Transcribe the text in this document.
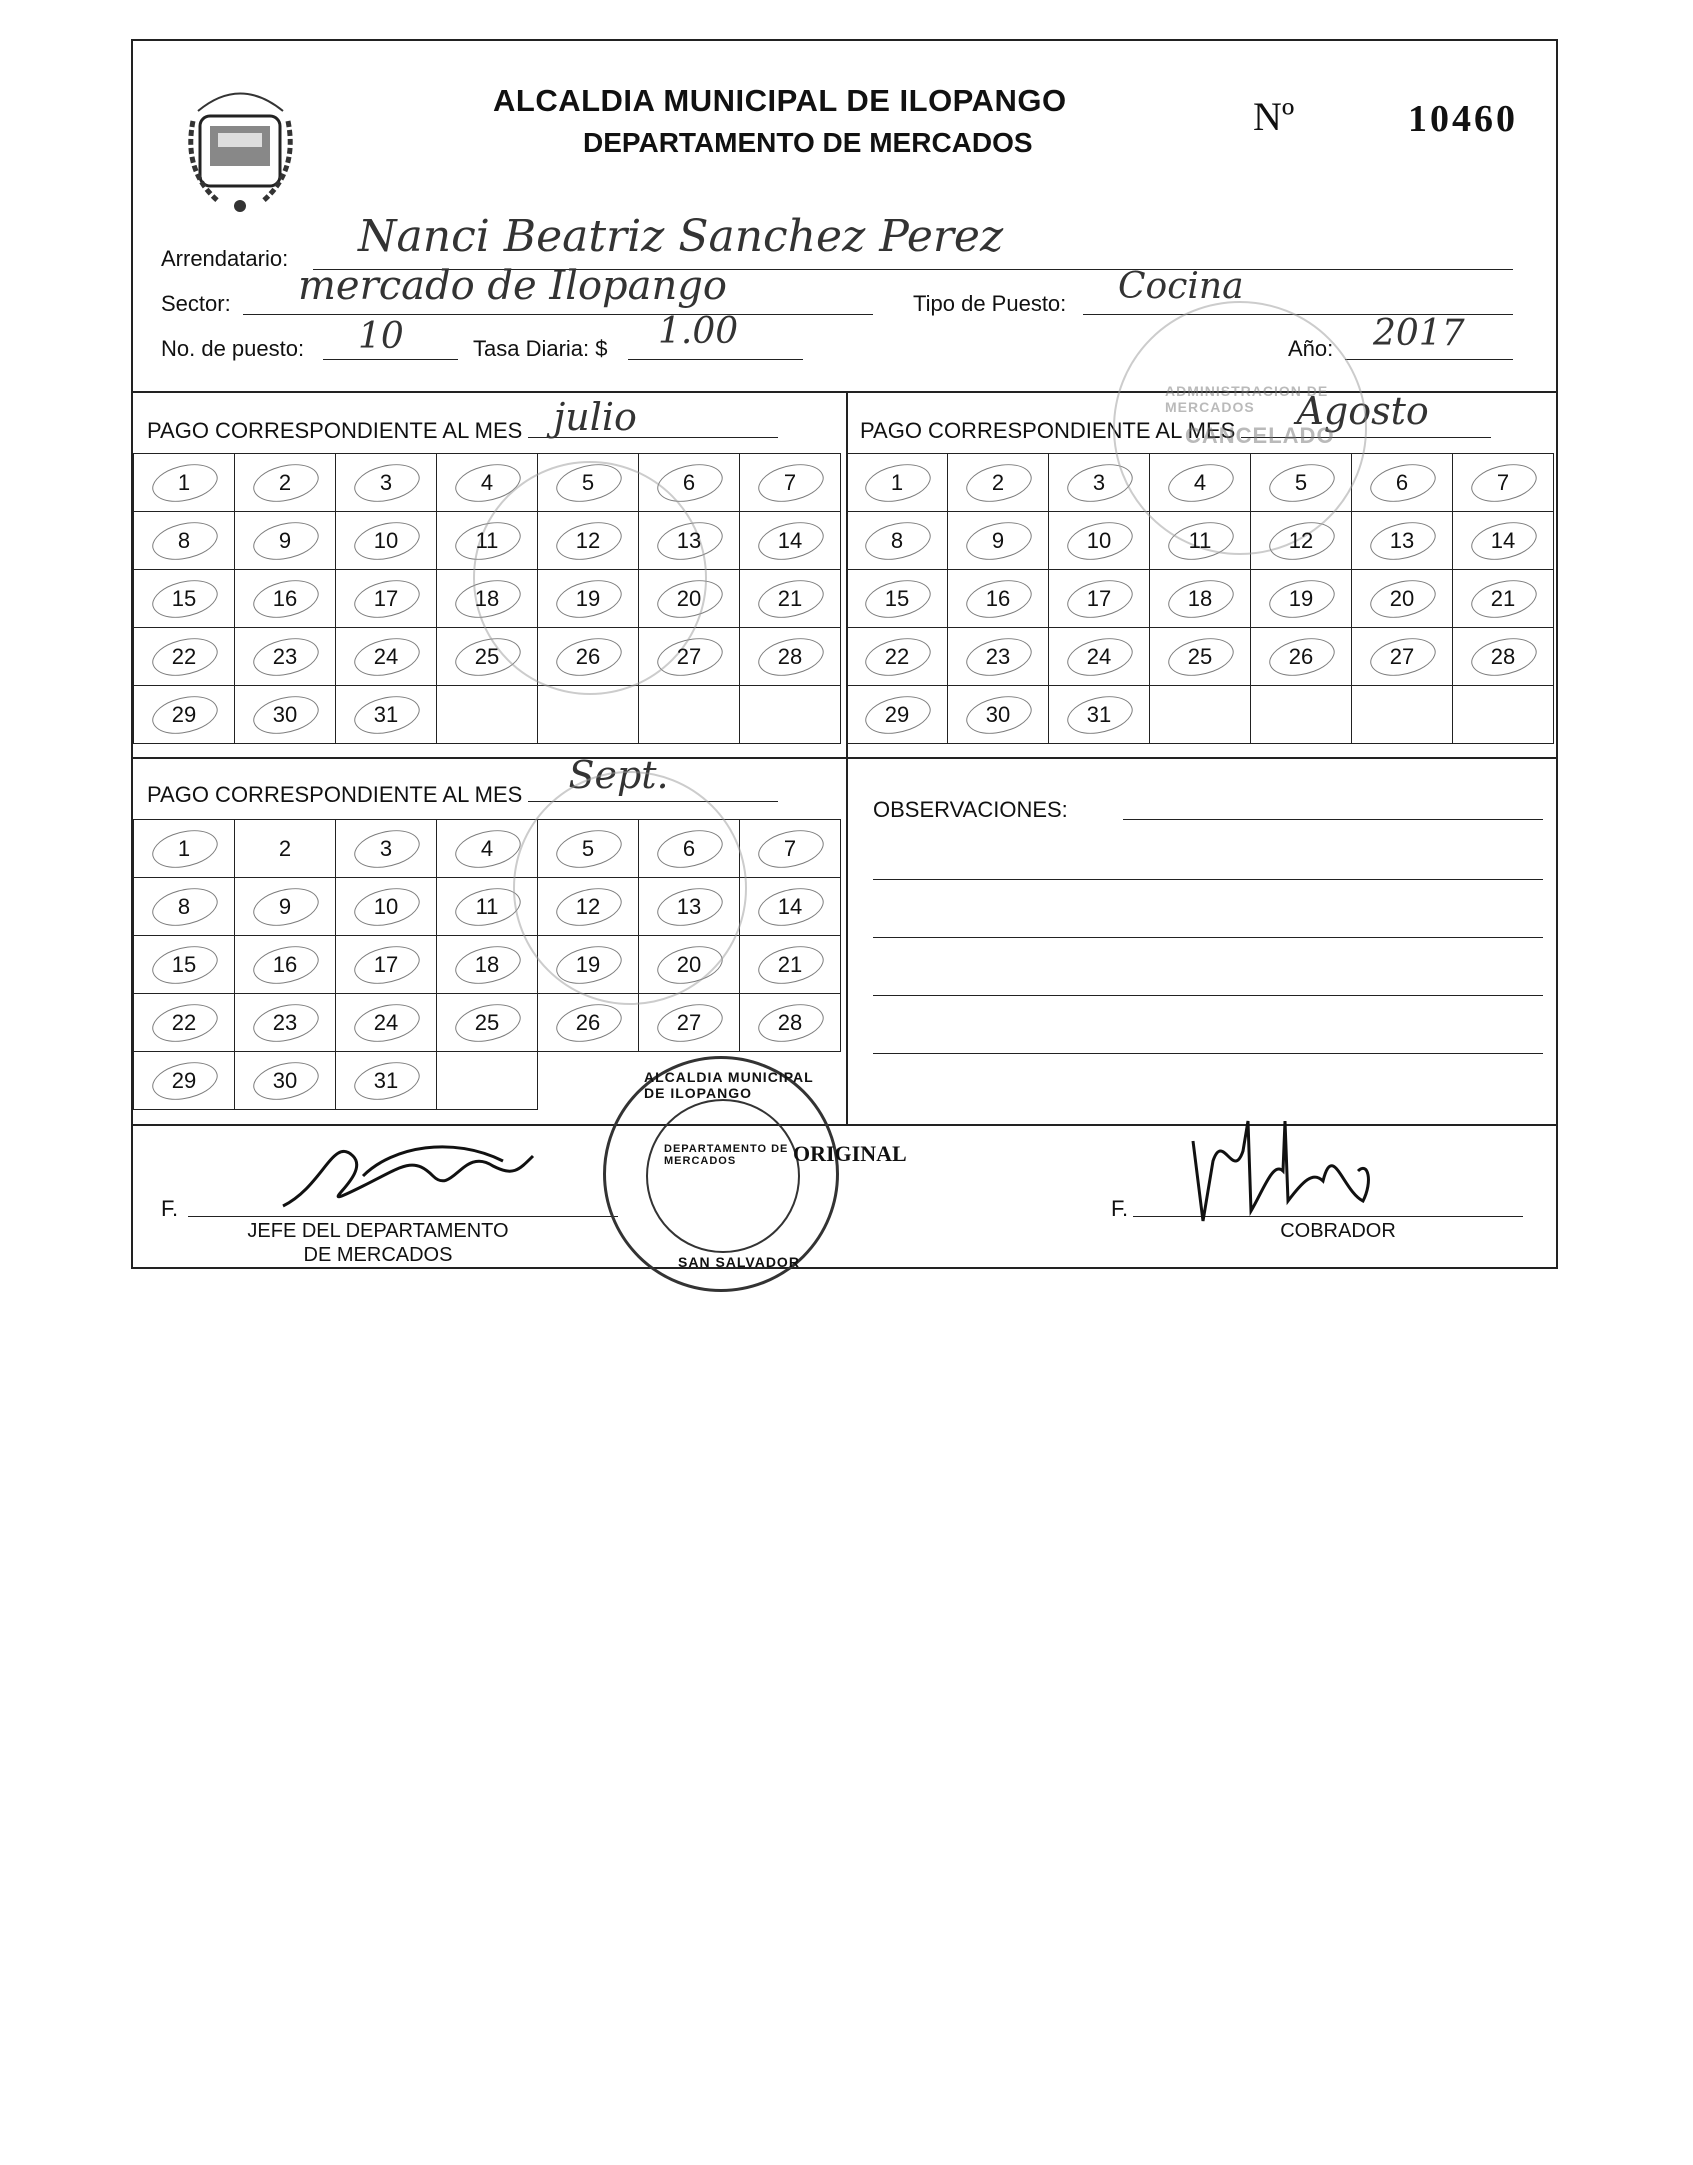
ALCALDIA MUNICIPAL DE ILOPANGO
DEPARTAMENTO DE MERCADOS
Nº	10460
Arrendatario: Nanci Beatriz Sanchez Perez
Sector: mercado de Ilopango	Tipo de Puesto: Cocina
No. de puesto: 10	Tasa Diaria: $ 1.00	Año: 2017
PAGO CORRESPONDIENTE AL MES julio
1	2	3	4	5	6	7
8	9	10	11	12	13	14
15	16	17	18	19	20	21
22	23	24	25	26	27	28
29	30	31				
PAGO CORRESPONDIENTE AL MES Agosto
1	2	3	4	5	6	7
8	9	10	11	12	13	14
15	16	17	18	19	20	21
22	23	24	25	26	27	28
29	30	31				
PAGO CORRESPONDIENTE AL MES Sept.
1	2	3	4	5	6	7
8	9	10	11	12	13	14
15	16	17	18	19	20	21
22	23	24	25	26	27	28
29	30	31				
OBSERVACIONES:
ADMINISTRACION DE MERCADOS
CANCELADO
F.
JEFE DEL DEPARTAMENTO
DE MERCADOS
ALCALDIA MUNICIPAL DE ILOPANGO
DEPARTAMENTO DE MERCADOS
SAN SALVADOR
ORIGINAL
F.
COBRADOR
